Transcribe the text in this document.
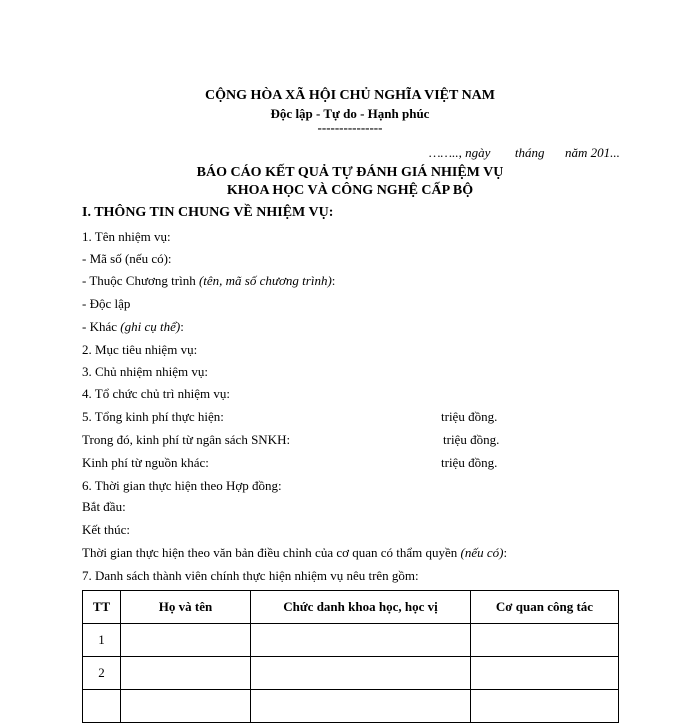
CỘNG HÒA XÃ HỘI CHỦ NGHĨA VIỆT NAM
Độc lập - Tự do - Hạnh phúc
---------------
…….., ngày tháng năm 201...
BÁO CÁO KẾT QUẢ TỰ ĐÁNH GIÁ NHIỆM VỤ
KHOA HỌC VÀ CÔNG NGHỆ CẤP BỘ
I. THÔNG TIN CHUNG VỀ NHIỆM VỤ:
1. Tên nhiệm vụ:
- Mã số (nếu có):
- Thuộc Chương trình (tên, mã số chương trình):
- Độc lập
- Khác (ghi cụ thể):
2. Mục tiêu nhiệm vụ:
3. Chủ nhiệm nhiệm vụ:
4. Tổ chức chủ trì nhiệm vụ:
5. Tổng kinh phí thực hiện:	triệu đồng.
Trong đó, kinh phí từ ngân sách SNKH:	triệu đồng.
Kinh phí từ nguồn khác:	triệu đồng.
6. Thời gian thực hiện theo Hợp đồng:
Bắt đầu:
Kết thúc:
Thời gian thực hiện theo văn bản điều chỉnh của cơ quan có thẩm quyền (nếu có):
7. Danh sách thành viên chính thực hiện nhiệm vụ nêu trên gồm:
TT	Họ và tên	Chức danh khoa học, học vị	Cơ quan công tác
1			
2			
